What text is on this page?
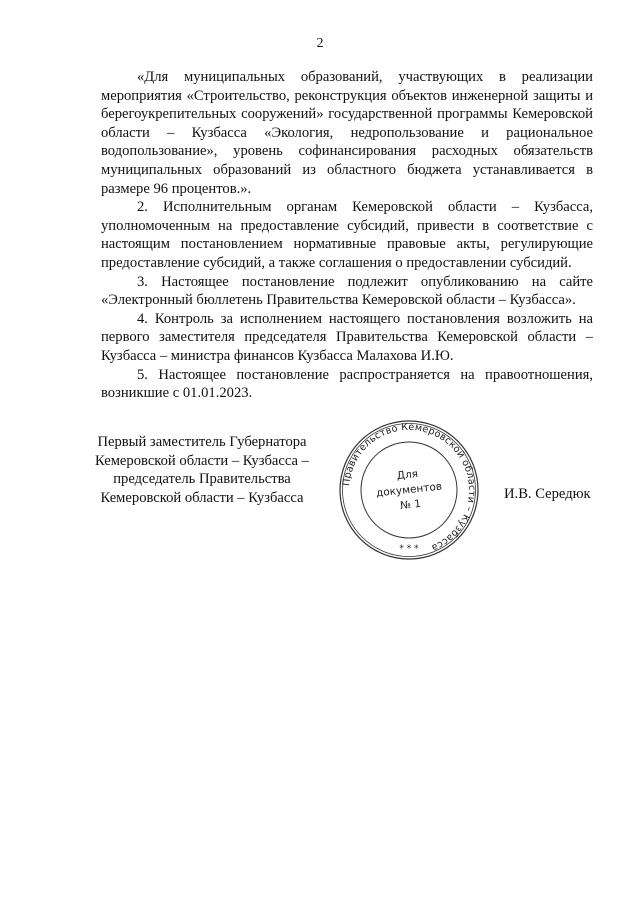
2

«Для муниципальных образований, участвующих в реализации мероприятия «Строительство, реконструкция объектов инженерной защиты и берегоукрепительных сооружений» государственной программы Кемеровской области – Кузбасса «Экология, недропользование и рациональное водопользование», уровень софинансирования расходных обязательств муниципальных образований из областного бюджета устанавливается в размере 96 процентов.».

2. Исполнительным органам Кемеровской области – Кузбасса, уполномоченным на предоставление субсидий, привести в соответствие с настоящим постановлением нормативные правовые акты, регулирующие предоставление субсидий, а также соглашения о предоставлении субсидий.

3. Настоящее постановление подлежит опубликованию на сайте «Электронный бюллетень Правительства Кемеровской области – Кузбасса».

4. Контроль за исполнением настоящего постановления возложить на первого заместителя председателя Правительства Кемеровской области – Кузбасса – министра финансов Кузбасса Малахова И.Ю.

5. Настоящее постановление распространяется на правоотношения, возникшие с 01.01.2023.

Первый заместитель Губернатора
Кемеровской области – Кузбасса –
председатель Правительства
Кемеровской области – Кузбасса
Правительство Кемеровской области – Кузбасса
Для
документов
№ 1
* * *
И.В. Середюк
